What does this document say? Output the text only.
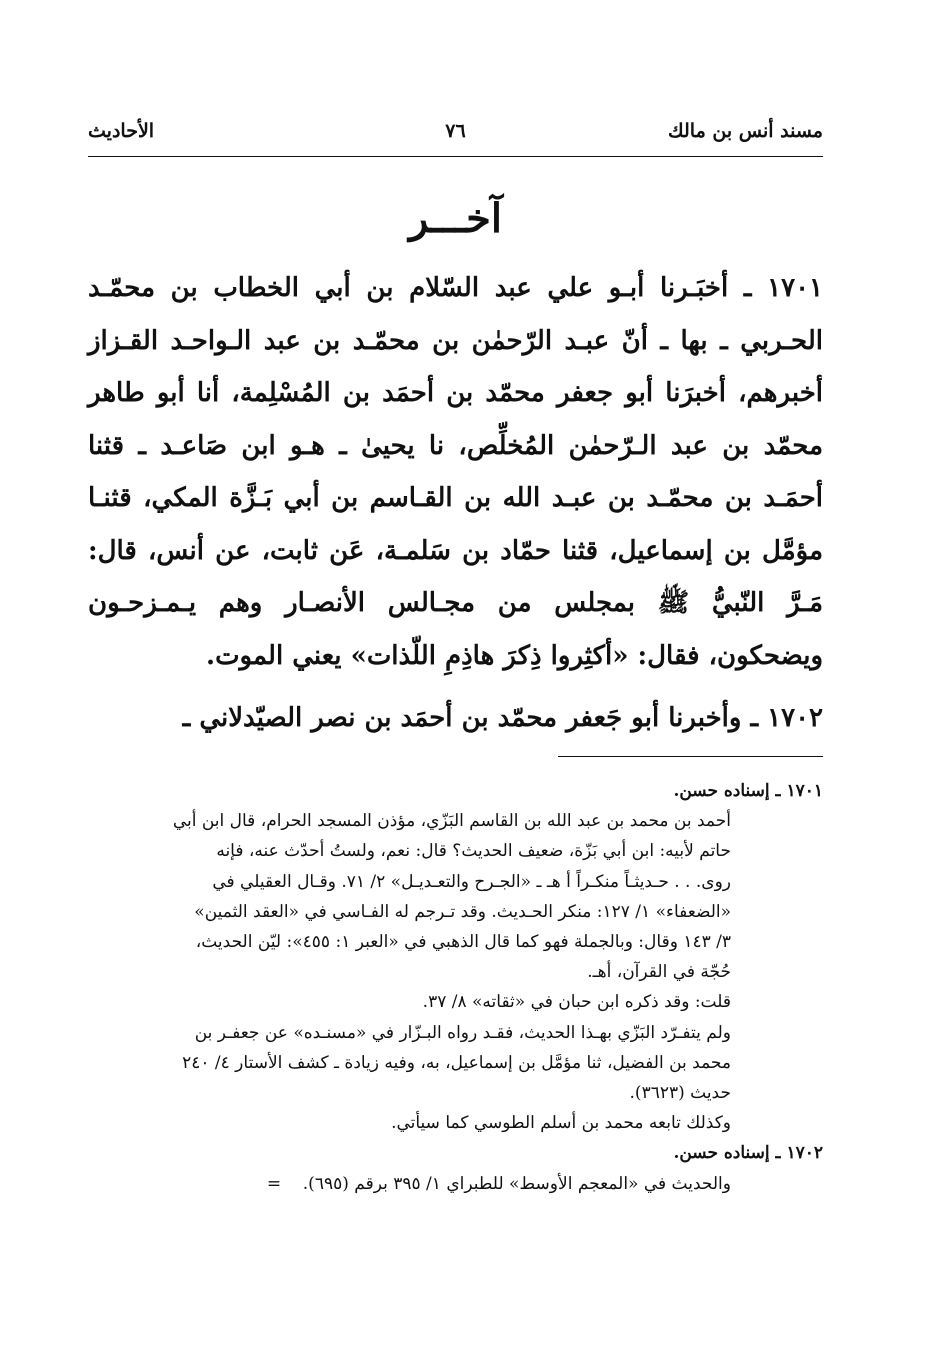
مسند أنس بن مالك
٧٦
الأحاديث
آخـــر

١٧٠١ ـ أخبَـرنا أبـو علي عبد السّلام بن أبي الخطاب بن محمّـد الحـربي ـ بها ـ أنّ عبـد الرّحمٰن بن محمّـد بن عبد الـواحـد القـزاز أخبرهم، أخبرَنا أبو جعفر محمّد بن أحمَد بن المُسْلِمة، أنا أبو طاهر محمّد بن عبد الـرّحمٰن المُخلِّص، نا يحيىٰ ـ هـو ابن صَاعـد ـ قثنا أحمَـد بن محمّـد بن عبـد الله بن القـاسم بن أبي بَـزَّة المكي، قثنـا مؤمَّل بن إسماعيل، قثنا حمّاد بن سَلمـة، عَن ثابت، عن أنس، قال: مَـرَّ النّبيُّ ﷺ بمجلس من مجـالس الأنصـار وهم يـمـزحـون ويضحكون، فقال: «أكثِروا ذِكرَ هاذِمِ اللّذات» يعني الموت.

١٧٠٢ ـ وأخبرنا أبو جَعفر محمّد بن أحمَد بن نصر الصيّدلاني ـ

١٧٠١ ـ إسناده حسن.

أحمد بن محمد بن عبد الله بن القاسم البَزّي، مؤذن المسجد الحرام، قال ابن أبي

حاتم لأبيه: ابن أبي بَزّة، ضعيف الحديث؟ قال: نعم، ولستُ أحدّث عنه، فإنه

روى. . . حـديثـاً منكـراً أ هـ ـ «الجـرح والتعـديـل» ٢/ ٧١. وقـال العقيلي في

«الضعفاء» ١/ ١٢٧: منكر الحـديث. وقد تـرجم له الفـاسي في «العقد الثمين»

٣/ ١٤٣ وقال: وبالجملة فهو كما قال الذهبي في «العبر ١: ٤٥٥»: ليّن الحديث،

حُجّة في القرآن، أهـ.

قلت: وقد ذكره ابن حبان في «ثقاته» ٨/ ٣٧.

ولم يتفـرّد البَزّي بهـذا الحديث، فقـد رواه البـزّار في «مسنـده» عن جعفـر بن

محمد بن الفضيل، ثنا مؤمَّل بن إسماعيل، به، وفيه زيادة ـ كشف الأستار ٤/ ٢٤٠

حديث (٣٦٢٣).

وكذلك تابعه محمد بن أسلم الطوسي كما سيأتي.

١٧٠٢ ـ إسناده حسن.

والحديث في «المعجم الأوسط» للطبراي ١/ ٣٩٥ برقم (٦٩٥).    =
